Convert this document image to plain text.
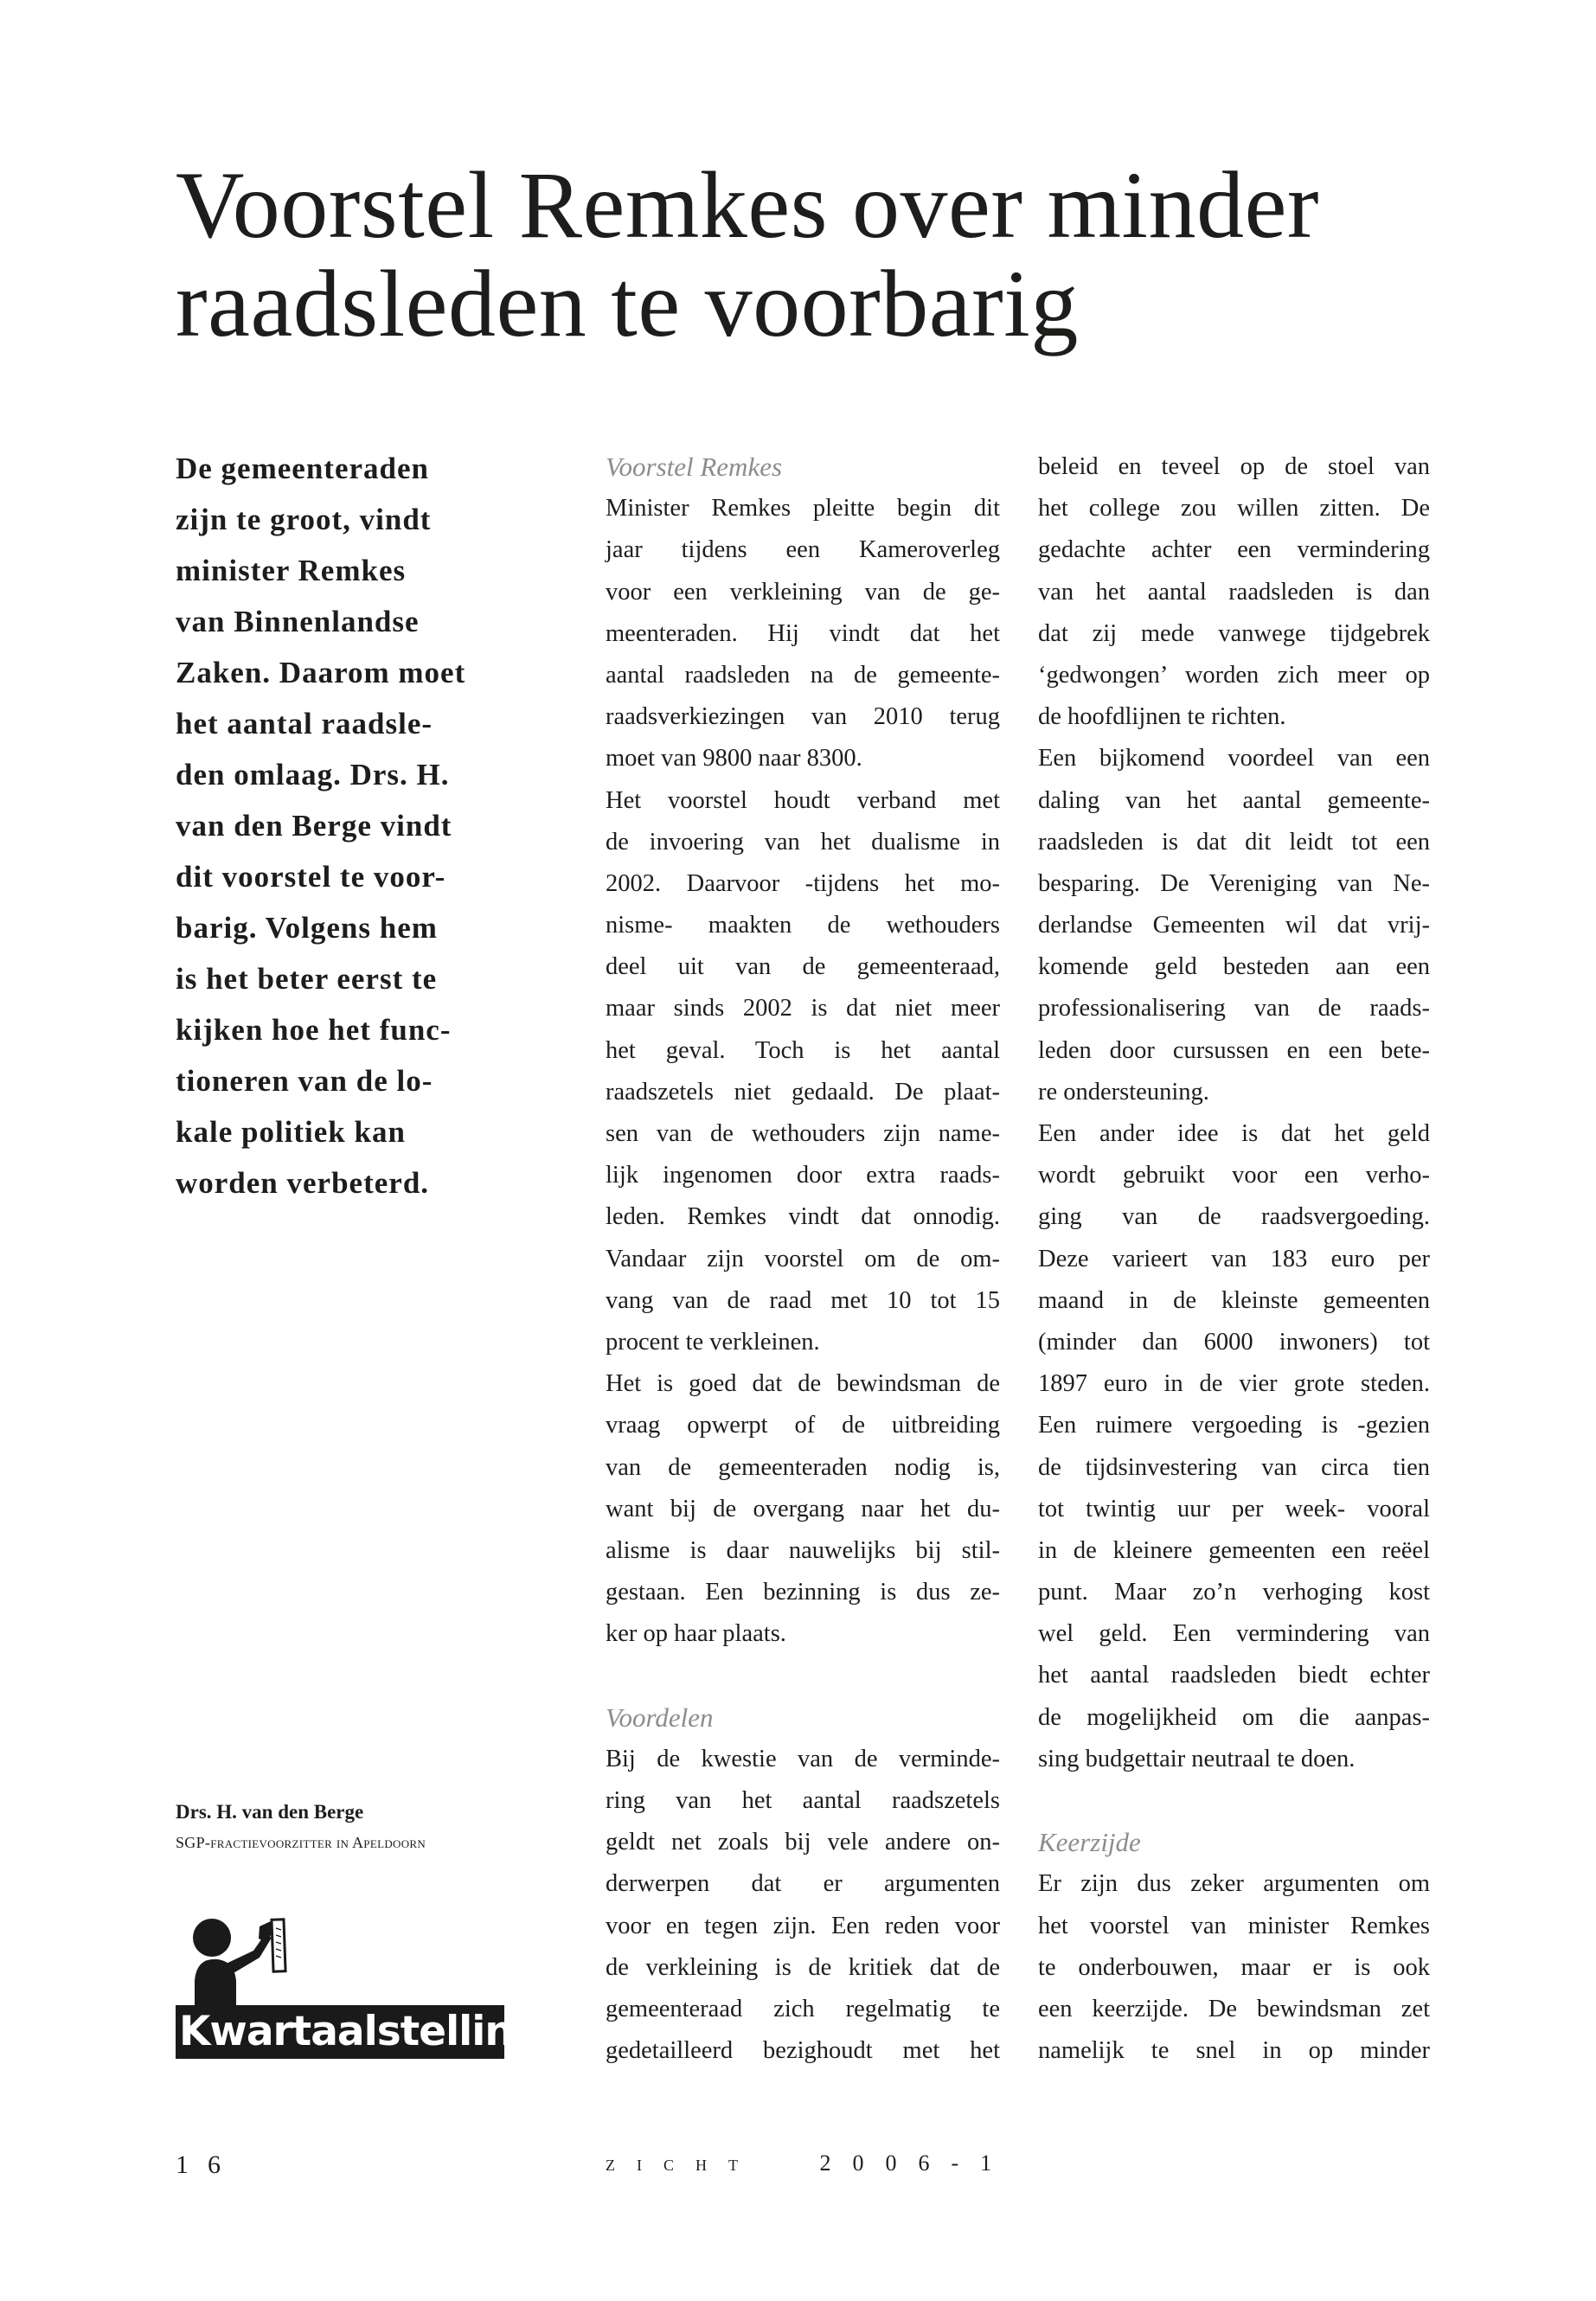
Voorstel Remkes over minder
raadsleden te voorbarig
De gemeenteraden
zijn te groot, vindt
minister Remkes
van Binnenlandse
Zaken. Daarom moet
het aantal raadsle-
den omlaag. Drs. H.
van den Berge vindt
dit voorstel te voor-
barig. Volgens hem
is het beter eerst te
kijken hoe het func-
tioneren van de lo-
kale politiek kan
worden verbeterd.
Voorstel Remkes
Minister Remkes pleitte begin dit
jaar tijdens een Kameroverleg
voor een verkleining van de ge-
meenteraden. Hij vindt dat het
aantal raadsleden na de gemeente-
raadsverkiezingen van 2010 terug
moet van 9800 naar 8300.
Het voorstel houdt verband met
de invoering van het dualisme in
2002. Daarvoor -tijdens het mo-
nisme- maakten de wethouders
deel uit van de gemeenteraad,
maar sinds 2002 is dat niet meer
het geval. Toch is het aantal
raadszetels niet gedaald. De plaat-
sen van de wethouders zijn name-
lijk ingenomen door extra raads-
leden. Remkes vindt dat onnodig.
Vandaar zijn voorstel om de om-
vang van de raad met 10 tot 15
procent te verkleinen.
Het is goed dat de bewindsman de
vraag opwerpt of de uitbreiding
van de gemeenteraden nodig is,
want bij de overgang naar het du-
alisme is daar nauwelijks bij stil-
gestaan. Een bezinning is dus ze-
ker op haar plaats.
Voordelen
Bij de kwestie van de verminde-
ring van het aantal raadszetels
geldt net zoals bij vele andere on-
derwerpen dat er argumenten
voor en tegen zijn. Een reden voor
de verkleining is de kritiek dat de
gemeenteraad zich regelmatig te
gedetailleerd bezighoudt met het
beleid en teveel op de stoel van
het college zou willen zitten. De
gedachte achter een vermindering
van het aantal raadsleden is dan
dat zij mede vanwege tijdgebrek
‘gedwongen’ worden zich meer op
de hoofdlijnen te richten.
Een bijkomend voordeel van een
daling van het aantal gemeente-
raadsleden is dat dit leidt tot een
besparing. De Vereniging van Ne-
derlandse Gemeenten wil dat vrij-
komende geld besteden aan een
professionalisering van de raads-
leden door cursussen en een bete-
re ondersteuning.
Een ander idee is dat het geld
wordt gebruikt voor een verho-
ging van de raadsvergoeding.
Deze varieert van 183 euro per
maand in de kleinste gemeenten
(minder dan 6000 inwoners) tot
1897 euro in de vier grote steden.
Een ruimere vergoeding is -gezien
de tijdsinvestering van circa tien
tot twintig uur per week- vooral
in de kleinere gemeenten een reëel
punt. Maar zo’n verhoging kost
wel geld. Een vermindering van
het aantal raadsleden biedt echter
de mogelijkheid om die aanpas-
sing budgettair neutraal te doen.
Keerzijde
Er zijn dus zeker argumenten om
het voorstel van minister Remkes
te onderbouwen, maar er is ook
een keerzijde. De bewindsman zet
namelijk te snel in op minder
Drs. H. van den Berge
SGP-fractievoorzitter in Apeldoorn
Kwartaalstelling
16	zicht 2006-1
